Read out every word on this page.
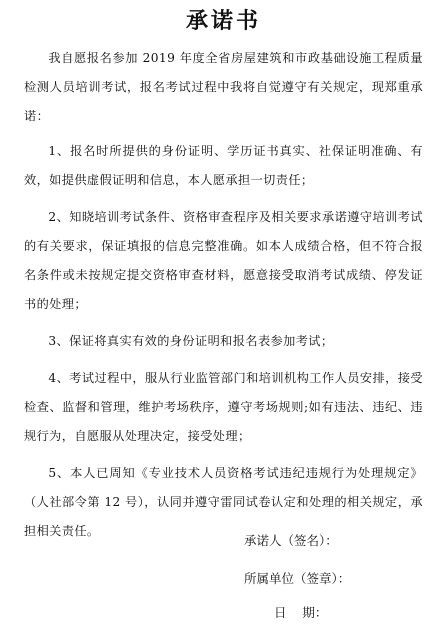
承诺书

我自愿报名参加 2019 年度全省房屋建筑和市政基础设施工程质量检测人员培训考试，报名考试过程中我将自觉遵守有关规定，现郑重承诺：

1、报名时所提供的身份证明、学历证书真实、社保证明准确、有效，如提供虚假证明和信息，本人愿承担一切责任；

2、知晓培训考试条件、资格审查程序及相关要求承诺遵守培训考试的有关要求，保证填报的信息完整准确。如本人成绩合格，但不符合报名条件或未按规定提交资格审查材料，愿意接受取消考试成绩、停发证书的处理；

3、保证将真实有效的身份证明和报名表参加考试；

4、考试过程中，服从行业监管部门和培训机构工作人员安排，接受检查、监督和管理，维护考场秩序，遵守考场规则;如有违法、违纪、违规行为，自愿服从处理决定，接受处理；

5、本人已周知《专业技术人员资格考试违纪违规行为处理规定》（人社部令第 12 号），认同并遵守雷同试卷认定和处理的相关规定，承担相关责任。

承诺人（签名）：
所属单位（签章）：
日    期：
